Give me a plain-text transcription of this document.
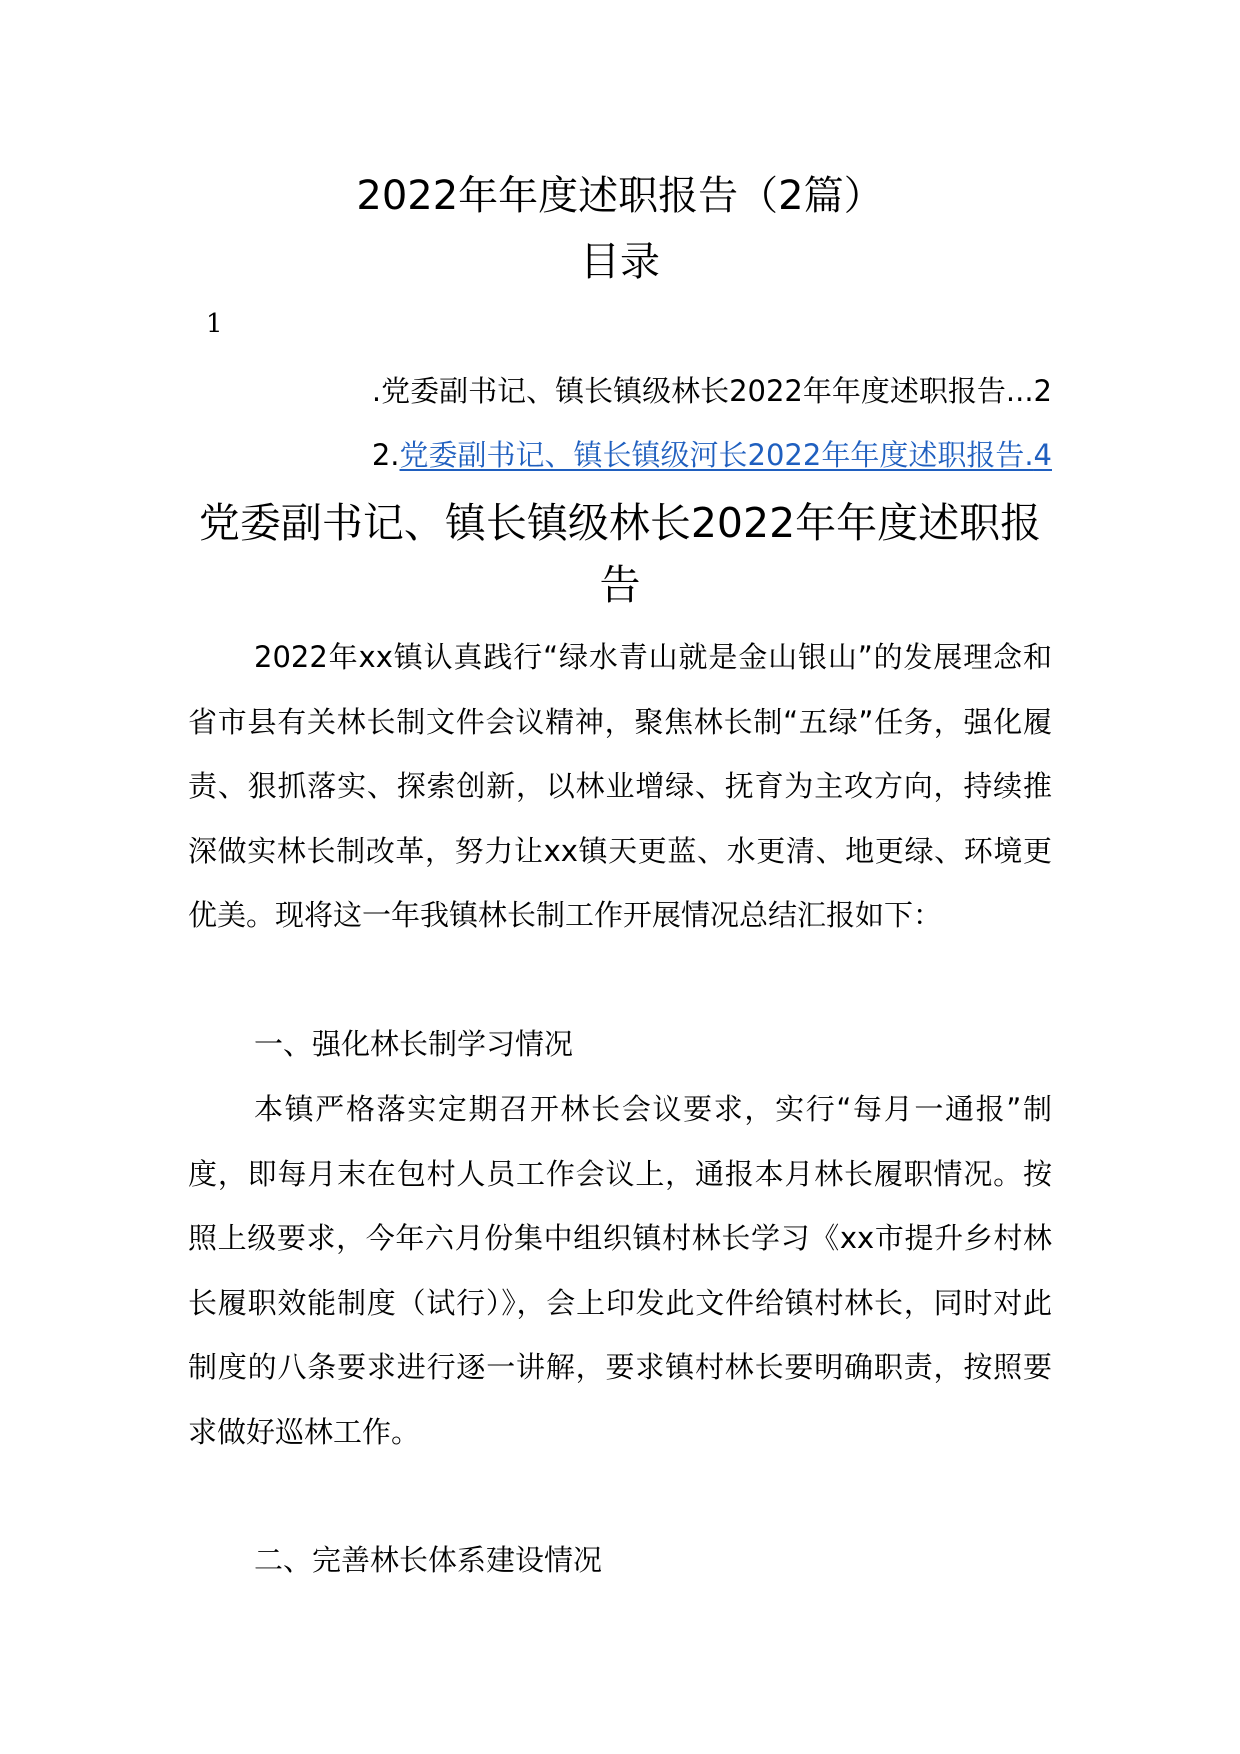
2022年年度述职报告（2篇）
目录
1
.党委副书记、镇长镇级林长2022年年度述职报告...2
2.党委副书记、镇长镇级河长2022年年度述职报告.4
党委副书记、镇长镇级林长2022年年度述职报告
2022年xx镇认真践行“绿水青山就是金山银山”的发展理念和省市县有关林长制文件会议精神，聚焦林长制“五绿”任务，强化履责、狠抓落实、探索创新，以林业增绿、抚育为主攻方向，持续推深做实林长制改革，努力让xx镇天更蓝、水更清、地更绿、环境更优美。现将这一年我镇林长制工作开展情况总结汇报如下：
一、强化林长制学习情况
本镇严格落实定期召开林长会议要求，实行“每月一通报”制度，即每月末在包村人员工作会议上，通报本月林长履职情况。按照上级要求，今年六月份集中组织镇村林长学习《xx市提升乡村林长履职效能制度（试行）》，会上印发此文件给镇村林长，同时对此制度的八条要求进行逐一讲解，要求镇村林长要明确职责，按照要求做好巡林工作。
二、完善林长体系建设情况
